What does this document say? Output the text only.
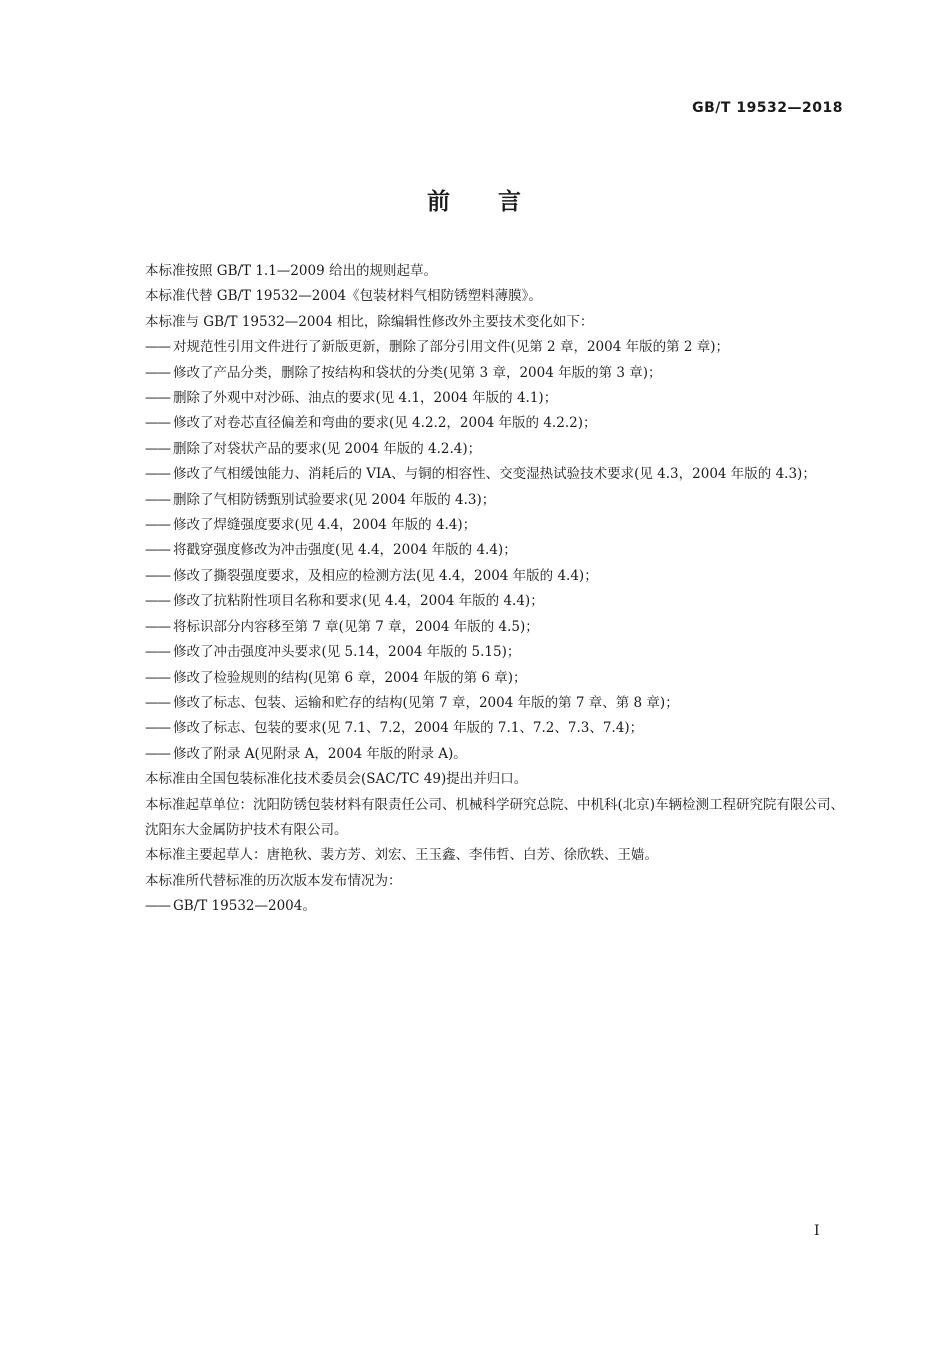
GB/T 19532—2018
前 言

本标准按照 GB/T 1.1—2009 给出的规则起草。

本标准代替 GB/T 19532—2004《包装材料气相防锈塑料薄膜》。

本标准与 GB/T 19532—2004 相比，除编辑性修改外主要技术变化如下：

—— 对规范性引用文件进行了新版更新，删除了部分引用文件(见第 2 章，2004 年版的第 2 章)；

—— 修改了产品分类，删除了按结构和袋状的分类(见第 3 章，2004 年版的第 3 章)；

—— 删除了外观中对沙砾、油点的要求(见 4.1，2004 年版的 4.1)；

—— 修改了对卷芯直径偏差和弯曲的要求(见 4.2.2，2004 年版的 4.2.2)；

—— 删除了对袋状产品的要求(见 2004 年版的 4.2.4)；

—— 修改了气相缓蚀能力、消耗后的 VIA、与铜的相容性、交变湿热试验技术要求(见 4.3，2004 年版的 4.3)；

—— 删除了气相防锈甄别试验要求(见 2004 年版的 4.3)；

—— 修改了焊缝强度要求(见 4.4，2004 年版的 4.4)；

—— 将戳穿强度修改为冲击强度(见 4.4，2004 年版的 4.4)；

—— 修改了撕裂强度要求，及相应的检测方法(见 4.4，2004 年版的 4.4)；

—— 修改了抗粘附性项目名称和要求(见 4.4，2004 年版的 4.4)；

—— 将标识部分内容移至第 7 章(见第 7 章，2004 年版的 4.5)；

—— 修改了冲击强度冲头要求(见 5.14，2004 年版的 5.15)；

—— 修改了检验规则的结构(见第 6 章，2004 年版的第 6 章)；

—— 修改了标志、包装、运输和贮存的结构(见第 7 章，2004 年版的第 7 章、第 8 章)；

—— 修改了标志、包装的要求(见 7.1、7.2，2004 年版的 7.1、7.2、7.3、7.4)；

—— 修改了附录 A(见附录 A，2004 年版的附录 A)。

本标准由全国包装标准化技术委员会(SAC/TC 49)提出并归口。

本标准起草单位：沈阳防锈包装材料有限责任公司、机械科学研究总院、中机科(北京)车辆检测工程研究院有限公司、沈阳东大金属防护技术有限公司。

本标准主要起草人：唐艳秋、裴方芳、刘宏、王玉鑫、李伟哲、白芳、徐欣轶、王嫱。

本标准所代替标准的历次版本发布情况为：

—— GB/T 19532—2004。

I
